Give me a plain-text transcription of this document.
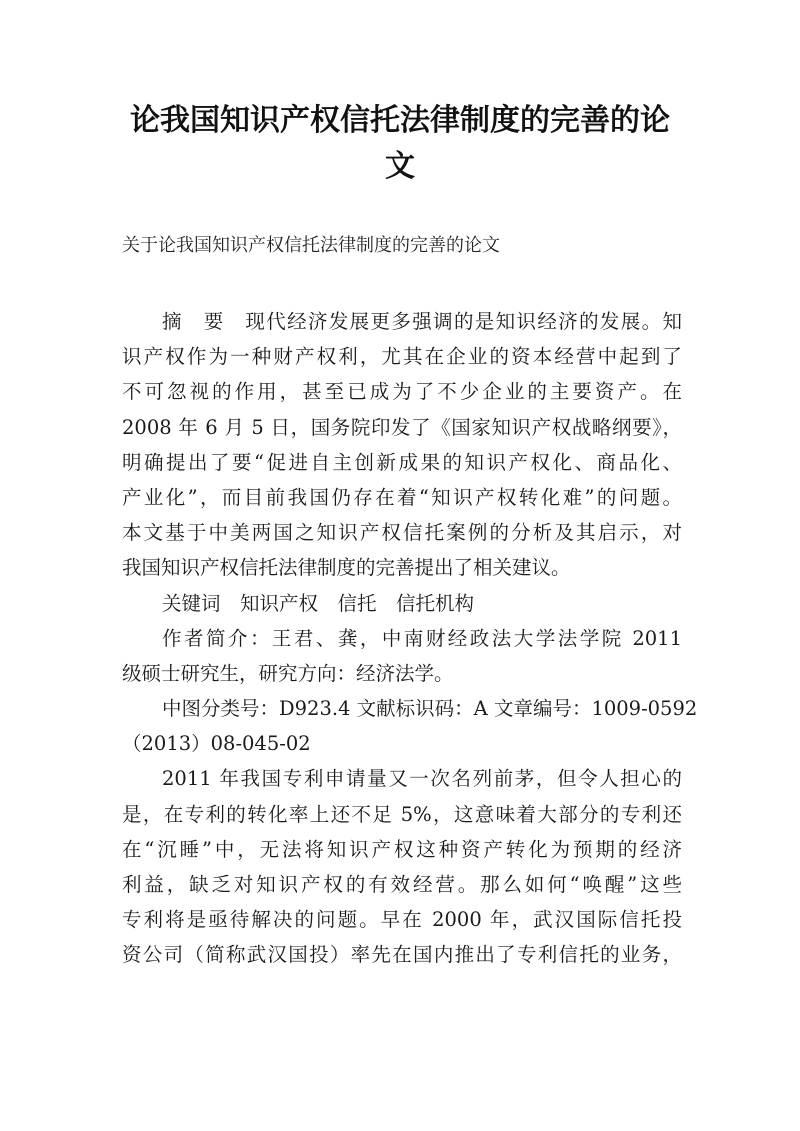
论我国知识产权信托法律制度的完善的论
文

关于论我国知识产权信托法律制度的完善的论文

摘　要　现代经济发展更多强调的是知识经济的发展。知
识产权作为一种财产权利，尤其在企业的资本经营中起到了
不可忽视的作用，甚至已成为了不少企业的主要资产。在
2008 年 6 月 5 日，国务院印发了《国家知识产权战略纲要》，
明确提出了要“促进自主创新成果的知识产权化、商品化、
产业化”，而目前我国仍存在着“知识产权转化难”的问题。
本文基于中美两国之知识产权信托案例的分析及其启示，对
我国知识产权信托法律制度的完善提出了相关建议。
关键词　知识产权　信托　信托机构
作者简介：王君、龚，中南财经政法大学法学院 2011
级硕士研究生，研究方向：经济法学。
中图分类号：D923.4 文献标识码：A 文章编号：1009-0592
（2013）08-045-02
2011 年我国专利申请量又一次名列前茅，但令人担心的
是，在专利的转化率上还不足 5%，这意味着大部分的专利还
在“沉睡”中，无法将知识产权这种资产转化为预期的经济
利益，缺乏对知识产权的有效经营。那么如何“唤醒”这些
专利将是亟待解决的问题。早在 2000 年，武汉国际信托投
资公司（简称武汉国投）率先在国内推出了专利信托的业务，
